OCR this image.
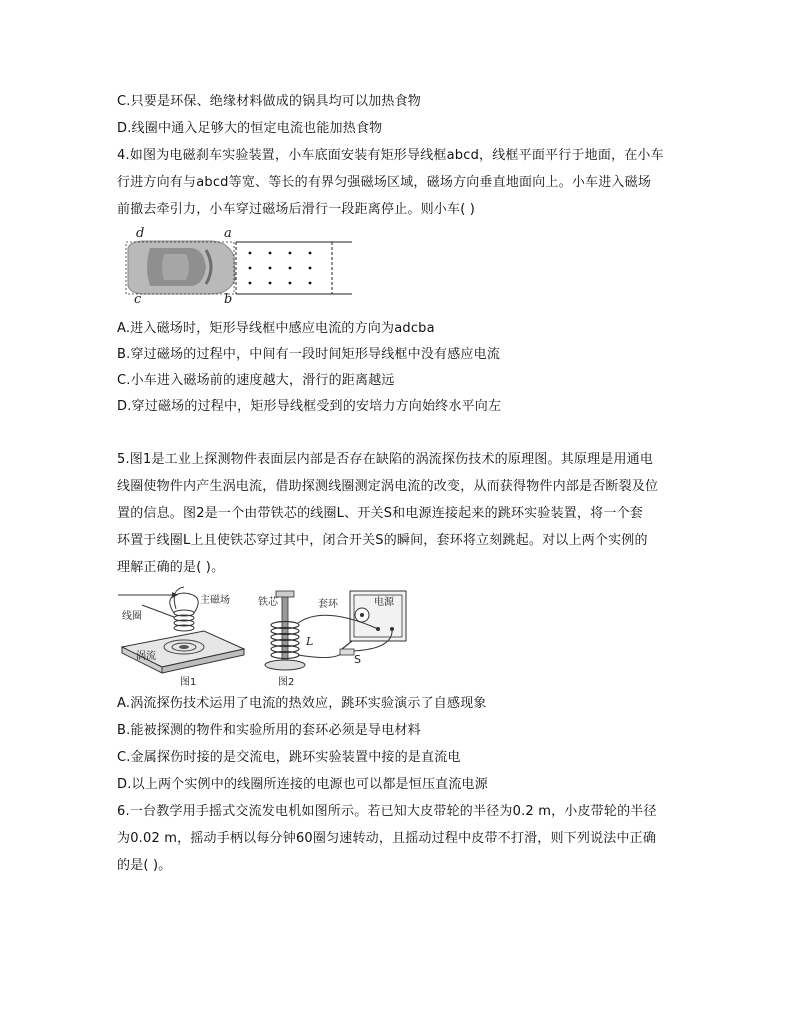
C.只要是环保、绝缘材料做成的锅具均可以加热食物
D.线圈中通入足够大的恒定电流也能加热食物
4.如图为电磁刹车实验装置，小车底面安装有矩形导线框abcd，线框平面平行于地面，在小车
行进方向有与abcd等宽、等长的有界匀强磁场区域，磁场方向垂直地面向上。小车进入磁场
前撤去牵引力，小车穿过磁场后滑行一段距离停止。则小车( )
d	a
c	b
A.进入磁场时，矩形导线框中感应电流的方向为adcba
B.穿过磁场的过程中，中间有一段时间矩形导线框中没有感应电流
C.小车进入磁场前的速度越大，滑行的距离越远
D.穿过磁场的过程中，矩形导线框受到的安培力方向始终水平向左
5.图1是工业上探测物件表面层内部是否存在缺陷的涡流探伤技术的原理图。其原理是用通电
线圈使物件内产生涡电流，借助探测线圈测定涡电流的改变，从而获得物件内部是否断裂及位
置的信息。图2是一个由带铁芯的线圈L、开关S和电源连接起来的跳环实验装置，将一个套
环置于线圈L上且使铁芯穿过其中，闭合开关S的瞬间，套环将立刻跳起。对以上两个实例的
理解正确的是( )。
线圈
主磁场
涡流
图1
铁芯	套环	电源
L
S
图2
A.涡流探伤技术运用了电流的热效应，跳环实验演示了自感现象
B.能被探测的物件和实验所用的套环必须是导电材料
C.金属探伤时接的是交流电，跳环实验装置中接的是直流电
D.以上两个实例中的线圈所连接的电源也可以都是恒压直流电源
6.一台教学用手摇式交流发电机如图所示。若已知大皮带轮的半径为0.2 m，小皮带轮的半径
为0.02 m，摇动手柄以每分钟60圈匀速转动，且摇动过程中皮带不打滑，则下列说法中正确
的是( )。
